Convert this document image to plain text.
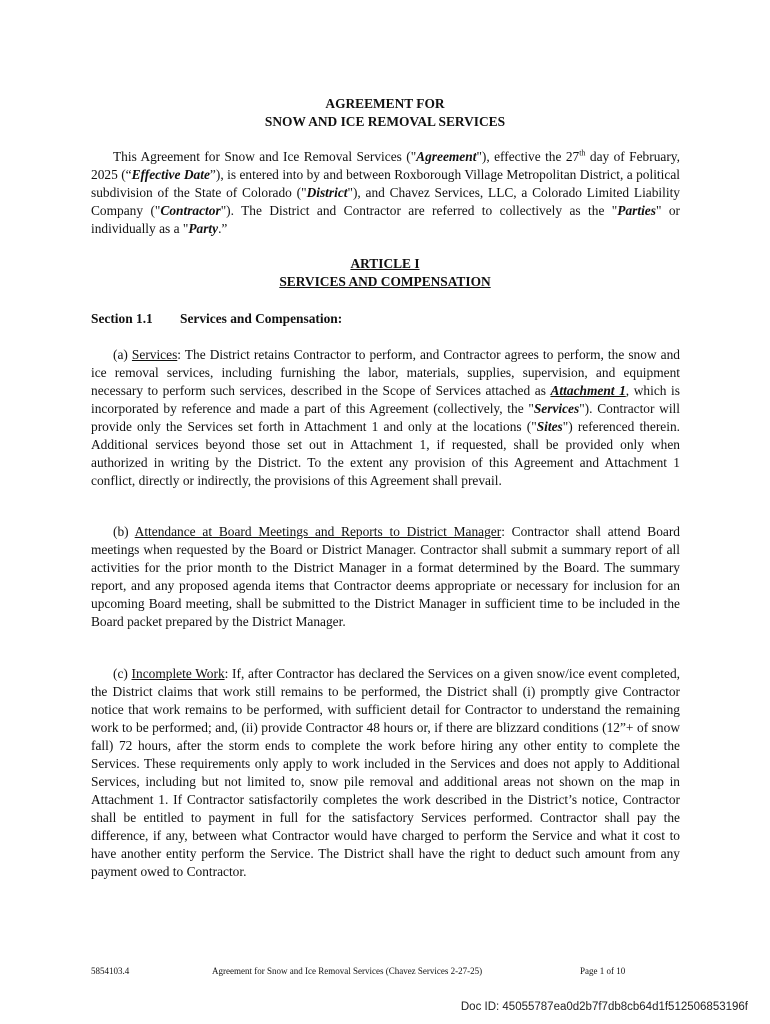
AGREEMENT FOR
SNOW AND ICE REMOVAL SERVICES

This Agreement for Snow and Ice Removal Services ("Agreement"), effective the 27th day of February, 2025 (“Effective Date”), is entered into by and between Roxborough Village Metropolitan District, a political subdivision of the State of Colorado ("District"), and Chavez Services, LLC, a Colorado Limited Liability Company ("Contractor"). The District and Contractor are referred to collectively as the "Parties" or individually as a "Party.”

ARTICLE I
SERVICES AND COMPENSATION
Section 1.1 Services and Compensation:

(a) Services: The District retains Contractor to perform, and Contractor agrees to perform, the snow and ice removal services, including furnishing the labor, materials, supplies, supervision, and equipment necessary to perform such services, described in the Scope of Services attached as Attachment 1, which is incorporated by reference and made a part of this Agreement (collectively, the "Services"). Contractor will provide only the Services set forth in Attachment 1 and only at the locations ("Sites") referenced therein. Additional services beyond those set out in Attachment 1, if requested, shall be provided only when authorized in writing by the District. To the extent any provision of this Agreement and Attachment 1 conflict, directly or indirectly, the provisions of this Agreement shall prevail.

(b) Attendance at Board Meetings and Reports to District Manager: Contractor shall attend Board meetings when requested by the Board or District Manager. Contractor shall submit a summary report of all activities for the prior month to the District Manager in a format determined by the Board. The summary report, and any proposed agenda items that Contractor deems appropriate or necessary for inclusion for an upcoming Board meeting, shall be submitted to the District Manager in sufficient time to be included in the Board packet prepared by the District Manager.

(c) Incomplete Work: If, after Contractor has declared the Services on a given snow/ice event completed, the District claims that work still remains to be performed, the District shall (i) promptly give Contractor notice that work remains to be performed, with sufficient detail for Contractor to understand the remaining work to be performed; and, (ii) provide Contractor 48 hours or, if there are blizzard conditions (12”+ of snow fall) 72 hours, after the storm ends to complete the work before hiring any other entity to complete the Services. These requirements only apply to work included in the Services and does not apply to Additional Services, including but not limited to, snow pile removal and additional areas not shown on the map in Attachment 1. If Contractor satisfactorily completes the work described in the District’s notice, Contractor shall be entitled to payment in full for the satisfactory Services performed. Contractor shall pay the difference, if any, between what Contractor would have charged to perform the Service and what it cost to have another entity perform the Service. The District shall have the right to deduct such amount from any payment owed to Contractor.

5854103.4	Agreement for Snow and Ice Removal Services (Chavez Services 2-27-25)	Page 1 of 10
Doc ID: 45055787ea0d2b7f7db8cb64d1f512506853196f
